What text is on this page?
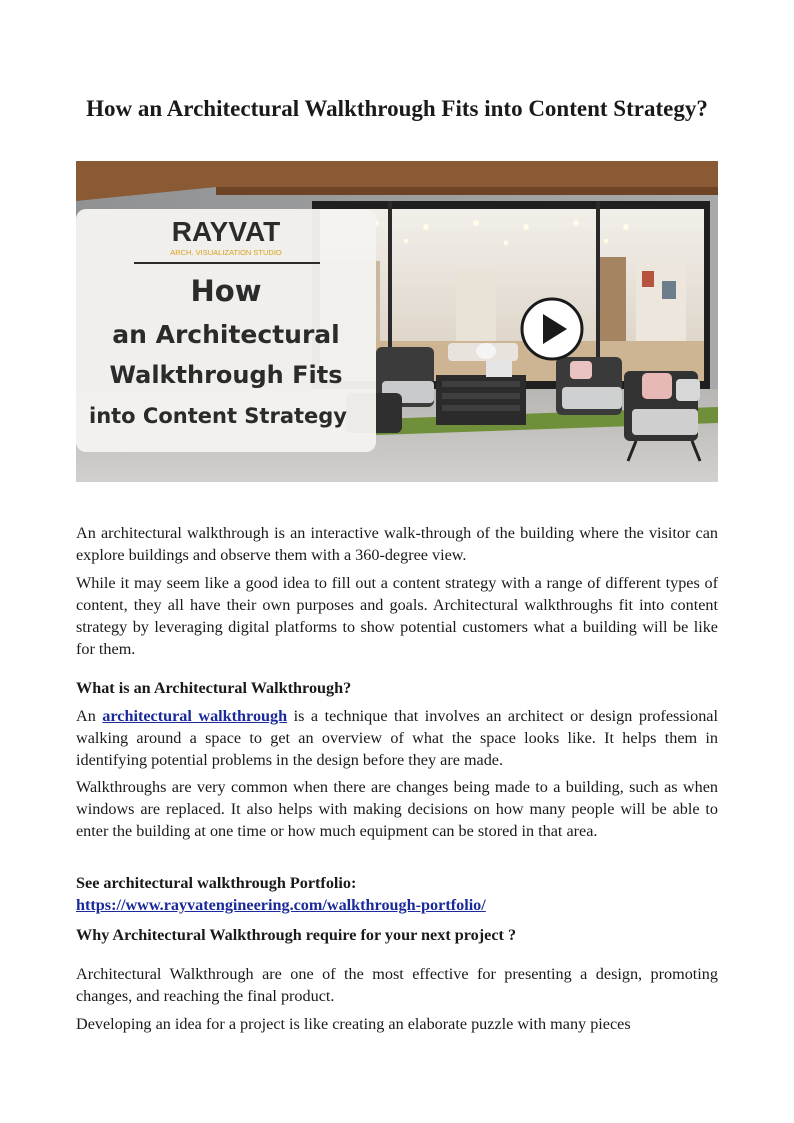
How an Architectural Walkthrough Fits into Content Strategy?
RAYVAT
ARCH. VISUALIZATION STUDIO
How
an Architectural
Walkthrough Fits
into Content Strategy

An architectural walkthrough is an interactive walk-through of the building where the visitor can explore buildings and observe them with a 360-degree view.

While it may seem like a good idea to fill out a content strategy with a range of different types of content, they all have their own purposes and goals. Architectural walkthroughs fit into content strategy by leveraging digital platforms to show potential customers what a building will be like for them.

What is an Architectural Walkthrough?

An architectural walkthrough is a technique that involves an architect or design professional walking around a space to get an overview of what the space looks like. It helps them in identifying potential problems in the design before they are made.

Walkthroughs are very common when there are changes being made to a building, such as when windows are replaced. It also helps with making decisions on how many people will be able to enter the building at one time or how much equipment can be stored in that area.

See architectural walkthrough Portfolio:
https://www.rayvatengineering.com/walkthrough-portfolio/

Why Architectural Walkthrough require for your next project ?

Architectural Walkthrough are one of the most effective for presenting a design, promoting changes, and reaching the final product.

Developing an idea for a project is like creating an elaborate puzzle with many pieces
